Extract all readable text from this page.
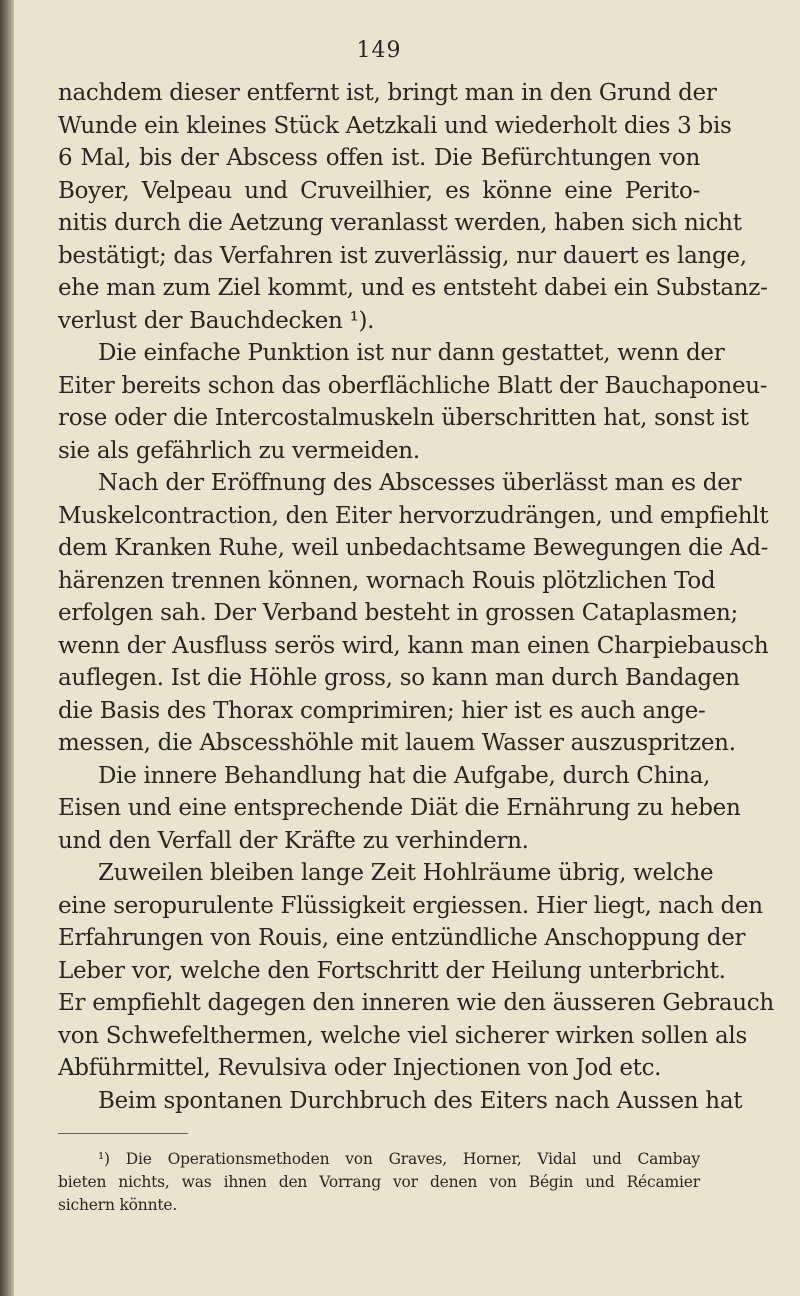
149
nachdem dieser entfernt ist, bringt man in den Grund der
Wunde ein kleines Stück Aetzkali und wiederholt dies 3 bis
6 Mal, bis der Abscess offen ist. Die Befürchtungen von
Boyer, Velpeau und Cruveilhier, es könne eine Perito-
nitis durch die Aetzung veranlasst werden, haben sich nicht
bestätigt; das Verfahren ist zuverlässig, nur dauert es lange,
ehe man zum Ziel kommt, und es entsteht dabei ein Substanz-
verlust der Bauchdecken ¹).
Die einfache Punktion ist nur dann gestattet, wenn der
Eiter bereits schon das oberflächliche Blatt der Bauchaponeu-
rose oder die Intercostalmuskeln überschritten hat, sonst ist
sie als gefährlich zu vermeiden.
Nach der Eröffnung des Abscesses überlässt man es der
Muskelcontraction, den Eiter hervorzudrängen, und empfiehlt
dem Kranken Ruhe, weil unbedachtsame Bewegungen die Ad-
härenzen trennen können, wornach Rouis plötzlichen Tod
erfolgen sah. Der Verband besteht in grossen Cataplasmen;
wenn der Ausfluss serös wird, kann man einen Charpiebausch
auflegen. Ist die Höhle gross, so kann man durch Bandagen
die Basis des Thorax comprimiren; hier ist es auch ange-
messen, die Abscesshöhle mit lauem Wasser auszuspritzen.
Die innere Behandlung hat die Aufgabe, durch China,
Eisen und eine entsprechende Diät die Ernährung zu heben
und den Verfall der Kräfte zu verhindern.
Zuweilen bleiben lange Zeit Hohlräume übrig, welche
eine seropurulente Flüssigkeit ergiessen. Hier liegt, nach den
Erfahrungen von Rouis, eine entzündliche Anschoppung der
Leber vor, welche den Fortschritt der Heilung unterbricht.
Er empfiehlt dagegen den inneren wie den äusseren Gebrauch
von Schwefelthermen, welche viel sicherer wirken sollen als
Abführmittel, Revulsiva oder Injectionen von Jod etc.
Beim spontanen Durchbruch des Eiters nach Aussen hat
¹) Die Operationsmethoden von Graves, Horner, Vidal und Cambay
bieten nichts, was ihnen den Vorrang vor denen von Bégin und Récamier
sichern könnte.
